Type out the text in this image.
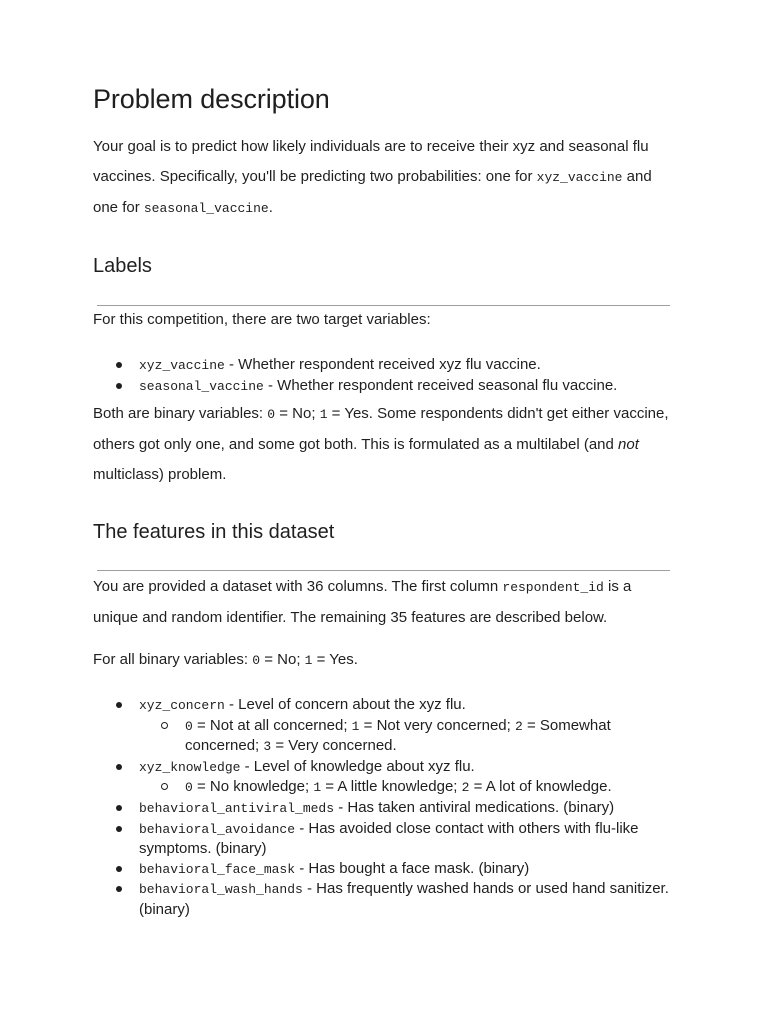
Problem description

Your goal is to predict how likely individuals are to receive their xyz and seasonal flu vaccines. Specifically, you'll be predicting two probabilities: one for xyz_vaccine and one for seasonal_vaccine.

Labels

For this competition, there are two target variables:

xyz_vaccine - Whether respondent received xyz flu vaccine.
seasonal_vaccine - Whether respondent received seasonal flu vaccine.

Both are binary variables: 0 = No; 1 = Yes. Some respondents didn't get either vaccine, others got only one, and some got both. This is formulated as a multilabel (and not multiclass) problem.

The features in this dataset

You are provided a dataset with 36 columns. The first column respondent_id is a unique and random identifier. The remaining 35 features are described below.

For all binary variables: 0 = No; 1 = Yes.

xyz_concern - Level of concern about the xyz flu.
0 = Not at all concerned; 1 = Not very concerned; 2 = Somewhat concerned; 3 = Very concerned.
xyz_knowledge - Level of knowledge about xyz flu.
0 = No knowledge; 1 = A little knowledge; 2 = A lot of knowledge.
behavioral_antiviral_meds - Has taken antiviral medications. (binary)
behavioral_avoidance - Has avoided close contact with others with flu-like symptoms. (binary)
behavioral_face_mask - Has bought a face mask. (binary)
behavioral_wash_hands - Has frequently washed hands or used hand sanitizer. (binary)
